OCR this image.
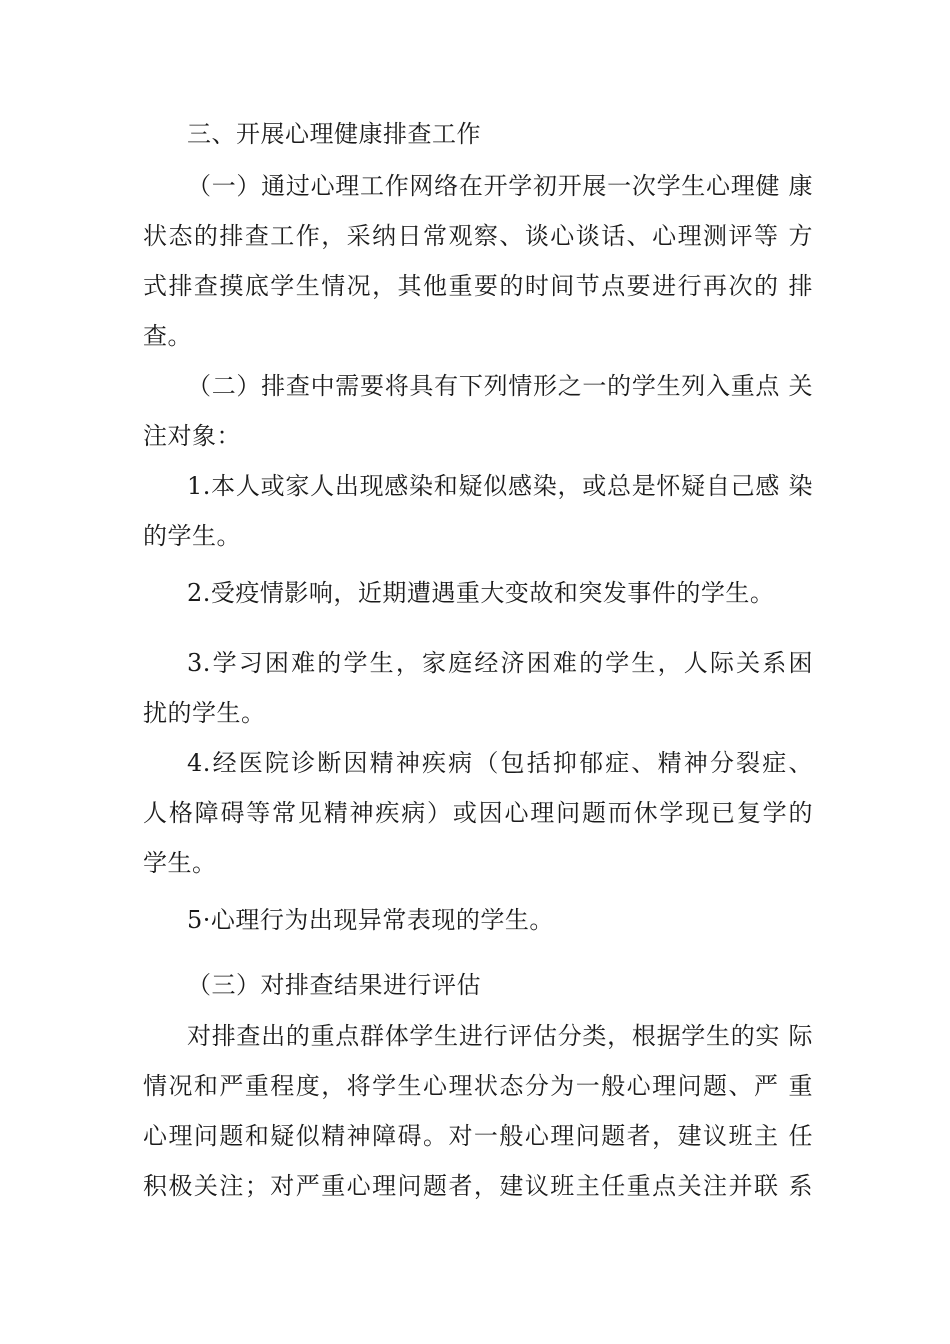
三、开展心理健康排查工作
（一）通过心理工作网络在开学初开展一次学生心理健 康
状态的排查工作，采纳日常观察、谈心谈话、心理测评等 方
式排查摸底学生情况，其他重要的时间节点要进行再次的 排
查。
（二）排查中需要将具有下列情形之一的学生列入重点 关
注对象：
1.本人或家人出现感染和疑似感染，或总是怀疑自己感 染
的学生。
2.受疫情影响，近期遭遇重大变故和突发事件的学生。
3.学习困难的学生，家庭经济困难的学生，人际关系困
扰的学生。
4.经医院诊断因精神疾病（包括抑郁症、精神分裂症、
人格障碍等常见精神疾病）或因心理问题而休学现已复学的
学生。
5·心理行为出现异常表现的学生。
（三）对排查结果进行评估
对排查出的重点群体学生进行评估分类，根据学生的实 际
情况和严重程度，将学生心理状态分为一般心理问题、严 重
心理问题和疑似精神障碍。对一般心理问题者，建议班主 任
积极关注；对严重心理问题者，建议班主任重点关注并联 系
